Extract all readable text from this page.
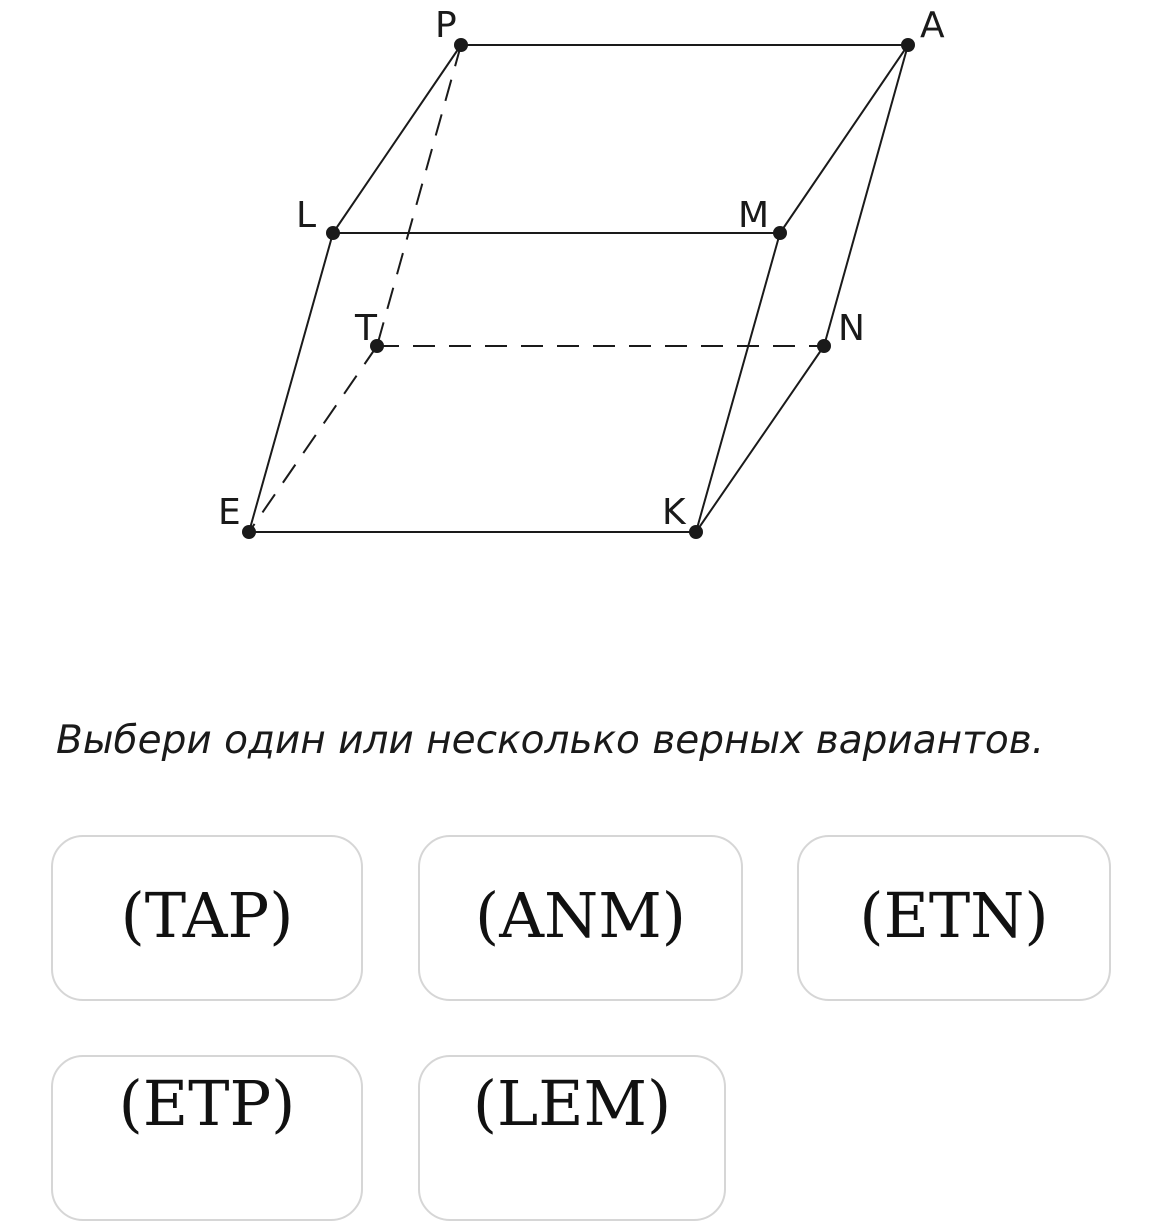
P	A
L	M
T	N
E	K
Выбери один или несколько верных вариантов.
(TAP)	(ANM)	(ETN)
(ETP)	(LEM)
